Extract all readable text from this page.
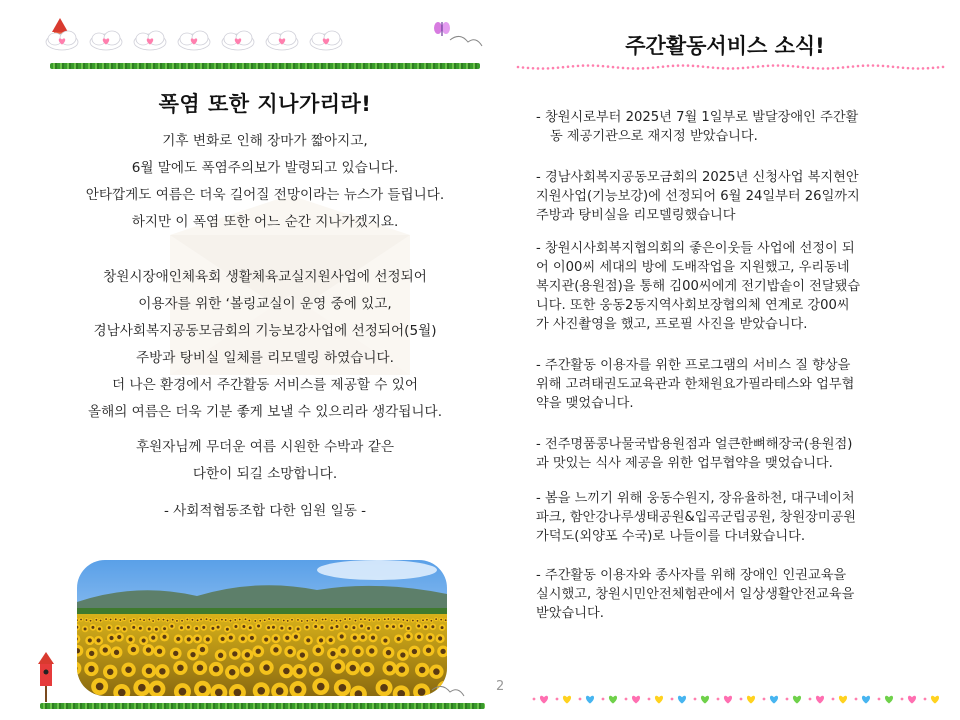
폭염 또한 지나가리라!
기후 변화로 인해 장마가 짧아지고,
6월 말에도 폭염주의보가 발령되고 있습니다.
안타깝게도 여름은 더욱 길어질 전망이라는 뉴스가 들립니다.
하지만 이 폭염 또한 어느 순간 지나가겠지요.
창원시장애인체육회 생활체육교실지원사업에 선정되어
이용자를 위한 ‘볼링교실이 운영 중에 있고,
경남사회복지공동모금회의 기능보강사업에 선정되어(5월)
주방과 탕비실 일체를 리모델링 하였습니다.
더 나은 환경에서 주간활동 서비스를 제공할 수 있어
올해의 여름은 더욱 기분 좋게 보낼 수 있으리라 생각됩니다.
후원자님께 무더운 여름 시원한 수박과 같은
다한이 되길 소망합니다.
- 사회적협동조합 다한 임원 일동 -
2
주간활동서비스 소식!
- 창원시로부터 2025년 7월 1일부로 발달장애인 주간활
동 제공기관으로 재지정 받았습니다.
- 경남사회복지공동모금회의 2025년 신청사업 복지현안
지원사업(기능보강)에 선정되어 6월 24일부터 26일까지
주방과 탕비실을 리모델링했습니다
- 창원시사회복지협의회의 좋은이웃들 사업에 선정이 되
어 이00씨 세대의 방에 도배작업을 지원했고, 우리동네
복지관(용원점)을 통해 김00씨에게 전기밥솥이 전달됐습
니다. 또한 웅동2동지역사회보장협의체 연계로 강00씨
가 사진촬영을 했고, 프로필 사진을 받았습니다.
- 주간활동 이용자를 위한 프로그램의 서비스 질 향상을
위해 고려태권도교육관과 한채원요가필라테스와 업무협
약을 맺었습니다.
- 전주명품콩나물국밥용원점과 얼큰한뼈해장국(용원점)
과 맛있는 식사 제공을 위한 업무협약을 맺었습니다.
- 봄을 느끼기 위해 웅동수원지, 장유율하천, 대구네이처
파크, 함안강나루생태공원&입곡군립공원, 창원장미공원
가덕도(외양포 수국)로 나들이를 다녀왔습니다.
- 주간활동 이용자와 종사자를 위해 장애인 인권교육을
실시했고, 창원시민안전체험관에서 일상생활안전교육을
받았습니다.
